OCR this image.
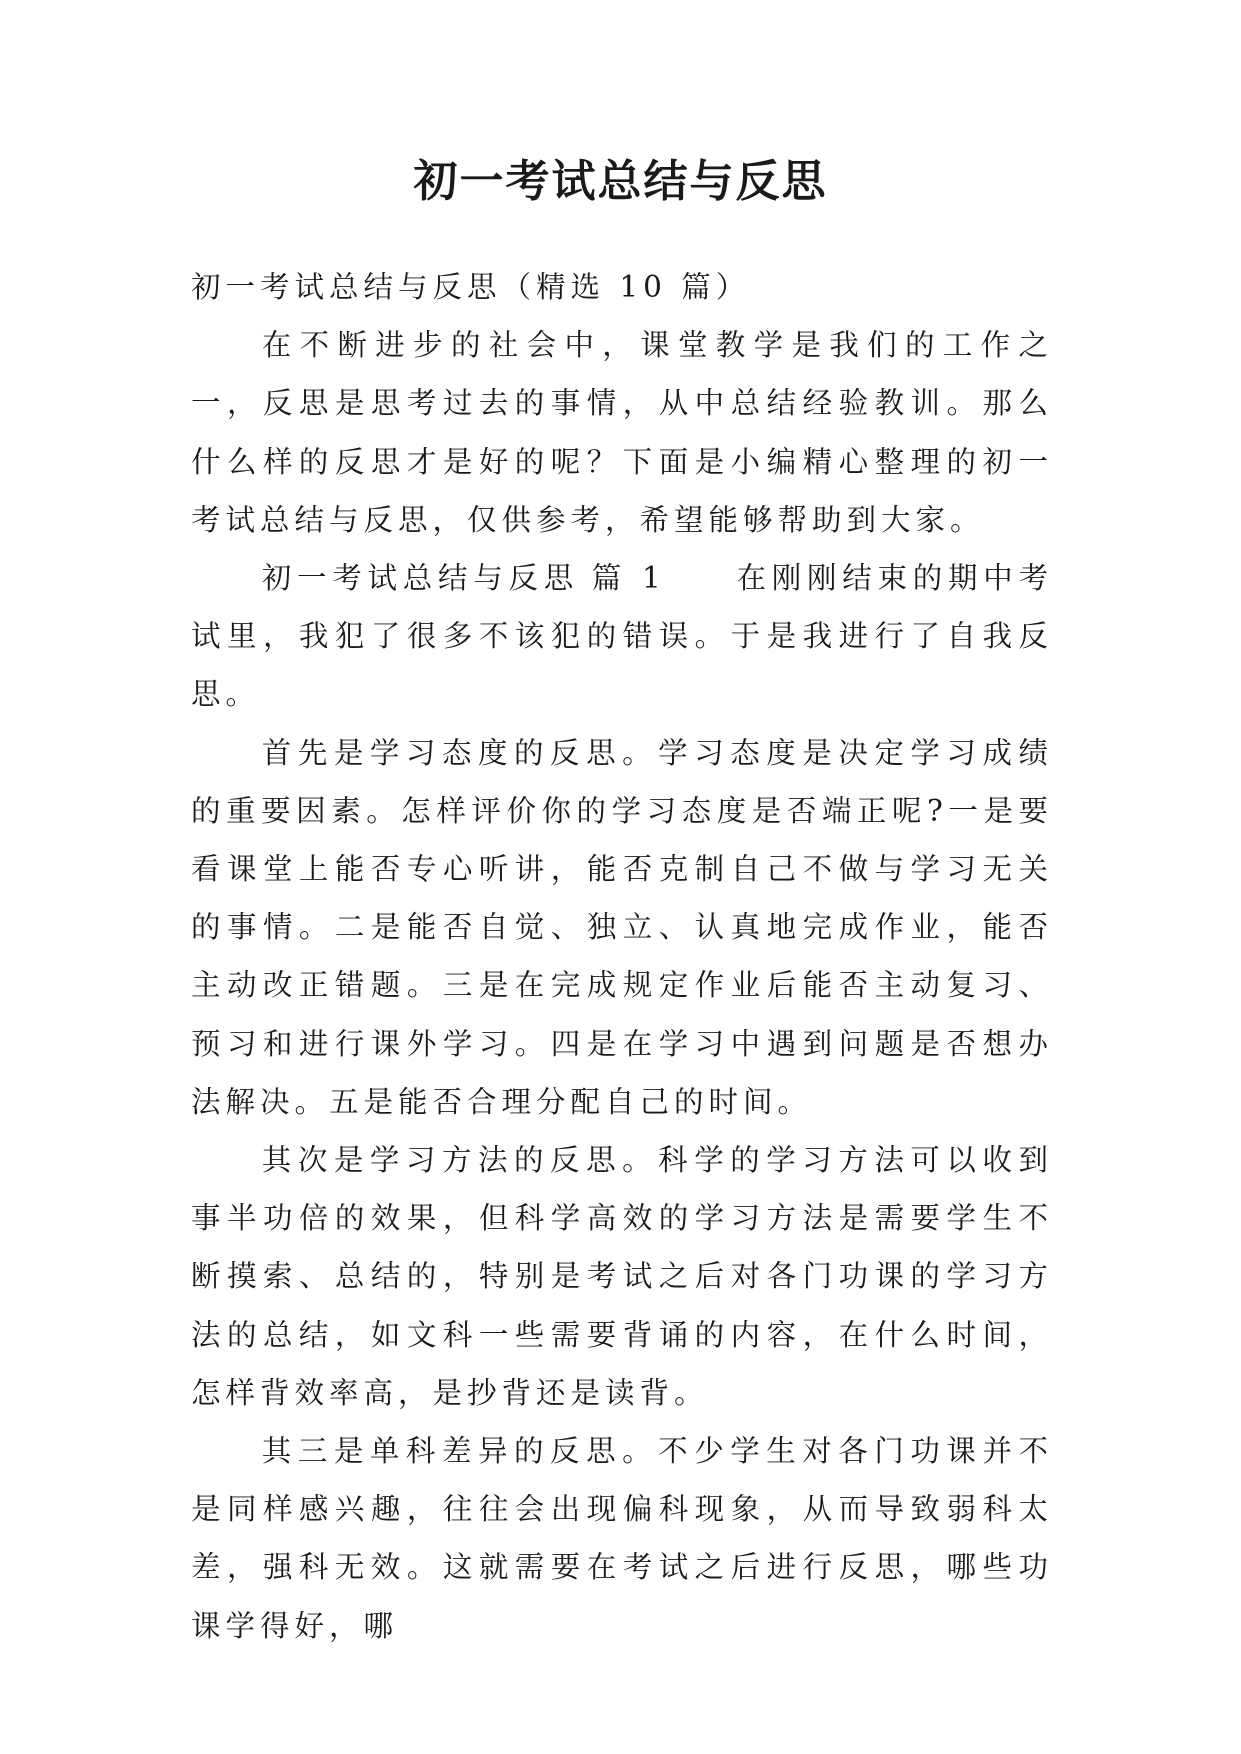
初一考试总结与反思

初一考试总结与反思（精选 10 篇）

在不断进步的社会中，课堂教学是我们的工作之一，反思是思考过去的事情，从中总结经验教训。那么什么样的反思才是好的呢？下面是小编精心整理的初一考试总结与反思，仅供参考，希望能够帮助到大家。

初一考试总结与反思 篇 1 在刚刚结束的期中考试里，我犯了很多不该犯的错误。于是我进行了自我反思。

首先是学习态度的反思。学习态度是决定学习成绩的重要因素。怎样评价你的学习态度是否端正呢?一是要看课堂上能否专心听讲，能否克制自己不做与学习无关的事情。二是能否自觉、独立、认真地完成作业，能否主动改正错题。三是在完成规定作业后能否主动复习、预习和进行课外学习。四是在学习中遇到问题是否想办法解决。五是能否合理分配自己的时间。

其次是学习方法的反思。科学的学习方法可以收到事半功倍的效果，但科学高效的学习方法是需要学生不断摸索、总结的，特别是考试之后对各门功课的学习方法的总结，如文科一些需要背诵的内容，在什么时间，怎样背效率高，是抄背还是读背。

其三是单科差异的反思。不少学生对各门功课并不是同样感兴趣，往往会出现偏科现象，从而导致弱科太差，强科无效。这就需要在考试之后进行反思，哪些功课学得好，哪
